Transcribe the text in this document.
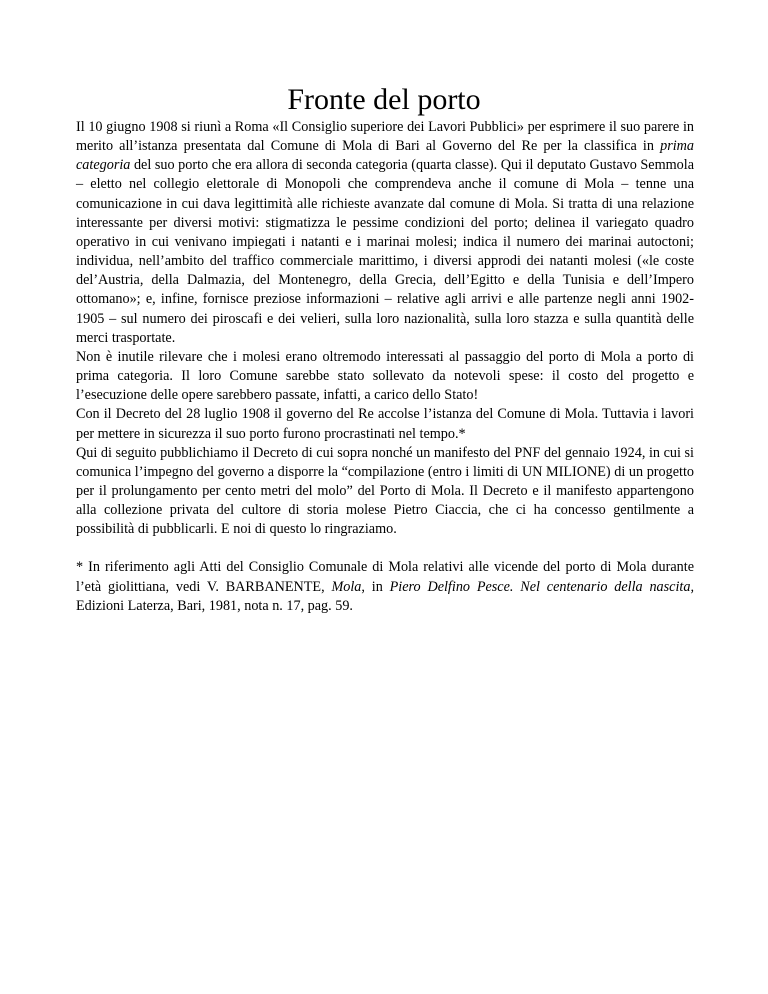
Fronte del porto

Il 10 giugno 1908 si riunì a Roma «Il Consiglio superiore dei Lavori Pubblici» per esprimere il suo parere in merito all’istanza presentata dal Comune di Mola di Bari al Governo del Re per la classifica in prima categoria del suo porto che era allora di seconda categoria (quarta classe). Qui il deputato Gustavo Semmola – eletto nel collegio elettorale di Monopoli che comprendeva anche il comune di Mola – tenne una comunicazione in cui dava legittimità alle richieste avanzate dal comune di Mola. Si tratta di una relazione interessante per diversi motivi: stigmatizza le pessime condizioni del porto; delinea il variegato quadro operativo in cui venivano impiegati i natanti e i marinai molesi; indica il numero dei marinai autoctoni; individua, nell’ambito del traffico commerciale marittimo, i diversi approdi dei natanti molesi («le coste del’Austria, della Dalmazia, del Montenegro, della Grecia, dell’Egitto e della Tunisia e dell’Impero ottomano»; e, infine, fornisce preziose informazioni – relative agli arrivi e alle partenze negli anni 1902-1905 – sul numero dei piroscafi e dei velieri, sulla loro nazionalità, sulla loro stazza e sulla quantità delle merci trasportate.

Non è inutile rilevare che i molesi erano oltremodo interessati al passaggio del porto di Mola a porto di prima categoria. Il loro Comune sarebbe stato sollevato da notevoli spese: il costo del progetto e l’esecuzione delle opere sarebbero passate, infatti, a carico dello Stato!

Con il Decreto del 28 luglio 1908 il governo del Re accolse l’istanza del Comune di Mola. Tuttavia i lavori per mettere in sicurezza il suo porto furono procrastinati nel tempo.*

Qui di seguito pubblichiamo il Decreto di cui sopra nonché un manifesto del PNF del gennaio 1924, in cui si comunica l’impegno del governo a disporre la “compilazione (entro i limiti di UN MILIONE) di un progetto per il prolungamento per cento metri del molo” del Porto di Mola. Il Decreto e il manifesto appartengono alla collezione privata del cultore di storia molese Pietro Ciaccia, che ci ha concesso gentilmente a possibilità di pubblicarli. E noi di questo lo ringraziamo.

* In riferimento agli Atti del Consiglio Comunale di Mola relativi alle vicende del porto di Mola durante l’età giolittiana, vedi V. BARBANENTE, Mola, in Piero Delfino Pesce. Nel centenario della nascita, Edizioni Laterza, Bari, 1981, nota n. 17, pag. 59.
